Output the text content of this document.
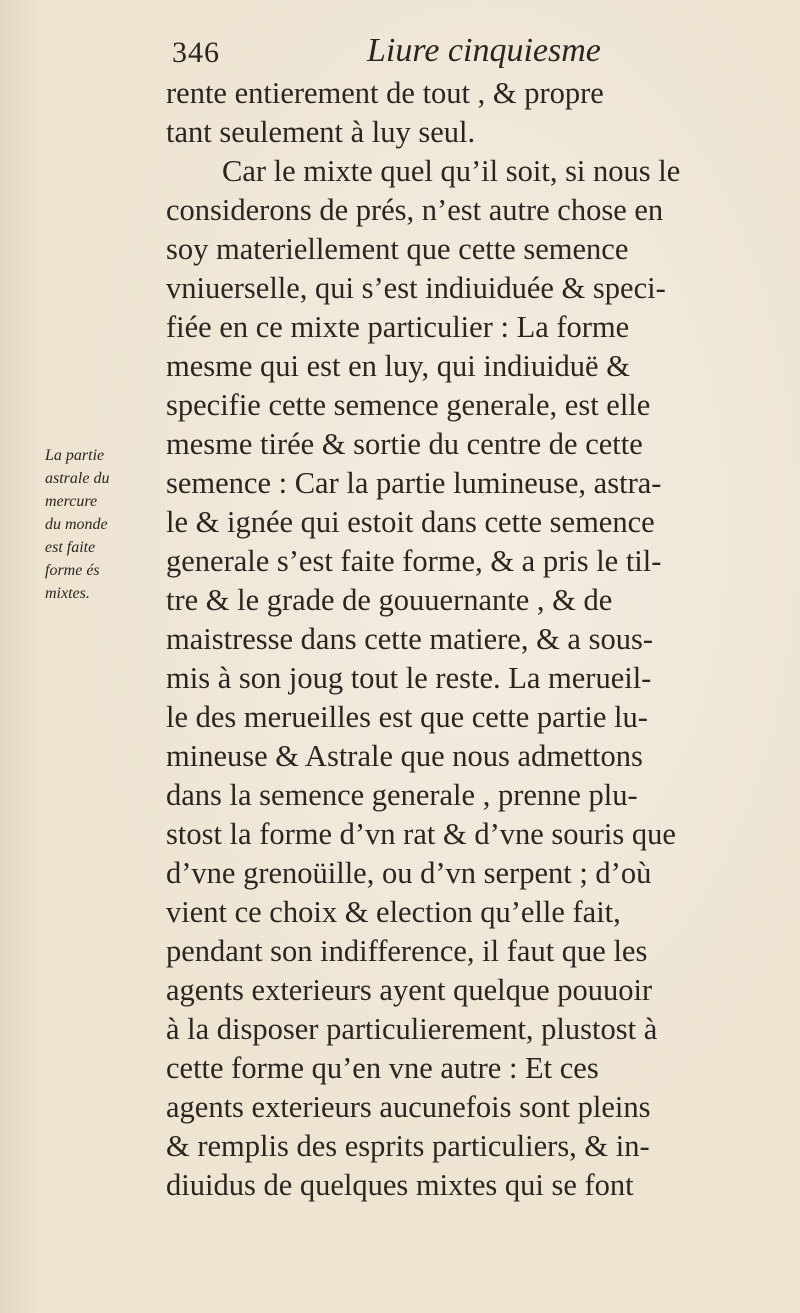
346	Liure cinquiesme
La partie
astrale du
mercure
du monde
est faite
forme és
mixtes.
rente entierement de tout , & propre
tant seulement à luy seul.
Car le mixte quel qu’il soit, si nous le
considerons de prés, n’est autre chose en
soy materiellement que cette semence
vniuerselle, qui s’est indiuiduée & speci-
fiée en ce mixte particulier : La forme
mesme qui est en luy, qui indiuiduë &
specifie cette semence generale, est elle
mesme tirée & sortie du centre de cette
semence : Car la partie lumineuse, astra-
le & ignée qui estoit dans cette semence
generale s’est faite forme, & a pris le til-
tre & le grade de gouuernante , & de
maistresse dans cette matiere, & a sous-
mis à son joug tout le reste. La merueil-
le des merueilles est que cette partie lu-
mineuse & Astrale que nous admettons
dans la semence generale , prenne plu-
stost la forme d’vn rat & d’vne souris que
d’vne grenoüille, ou d’vn serpent ; d’où
vient ce choix & election qu’elle fait,
pendant son indifference, il faut que les
agents exterieurs ayent quelque pouuoir
à la disposer particulierement, plustost à
cette forme qu’en vne autre : Et ces
agents exterieurs aucunefois sont pleins
& remplis des esprits particuliers, & in-
diuidus de quelques mixtes qui se font
